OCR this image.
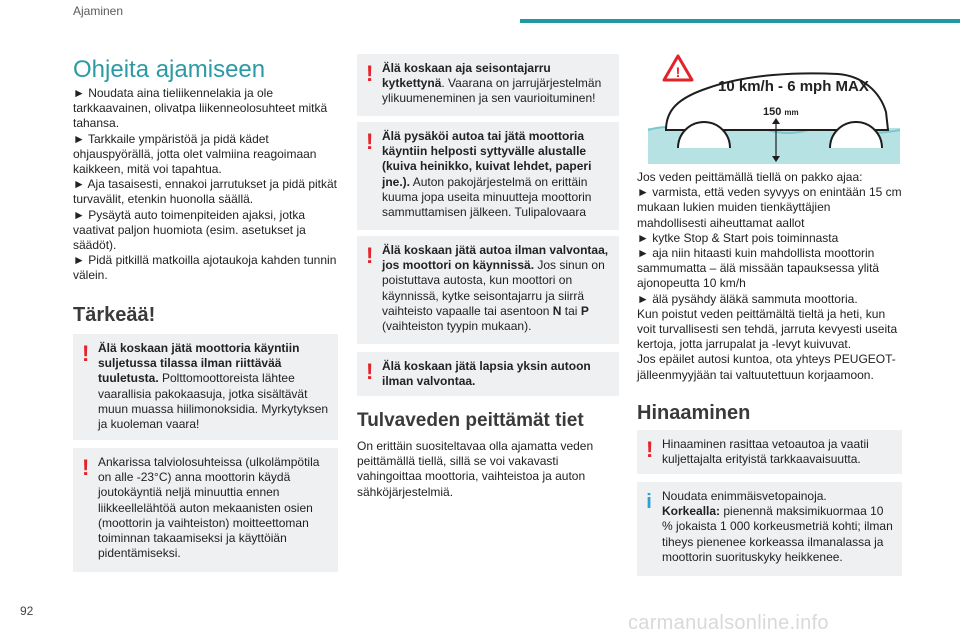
Ajaminen
Ohjeita ajamiseen

► Noudata aina tieliikennelakia ja ole tarkkaavainen, olivatpa liikenneolosuhteet mitkä tahansa.

► Tarkkaile ympäristöä ja pidä kädet ohjauspyörällä, jotta olet valmiina reagoimaan kaikkeen, mitä voi tapahtua.

► Aja tasaisesti, ennakoi jarrutukset ja pidä pitkät turvavälit, etenkin huonolla säällä.

► Pysäytä auto toimenpiteiden ajaksi, jotka vaativat paljon huomiota (esim. asetukset ja säädöt).

► Pidä pitkillä matkoilla ajotaukoja kahden tunnin välein.

Tärkeää!
! Älä koskaan jätä moottoria käyntiin suljetussa tilassa ilman riittävää tuuletusta. Polttomoottoreista lähtee vaarallisia pakokaasuja, jotka sisältävät muun muassa hiilimonoksidia. Myrkytyksen ja kuoleman vaara!
! Ankarissa talviolosuhteissa (ulkolämpötila on alle -23°C) anna moottorin käydä joutokäyntiä neljä minuuttia ennen liikkeellelähtöä auton mekaanisten osien (moottorin ja vaihteiston) moitteettoman toiminnan takaamiseksi ja käyttöiän pidentämiseksi.
! Älä koskaan aja seisontajarru kytkettynä. Vaarana on jarrujärjestelmän ylikuumeneminen ja sen vaurioituminen!
! Älä pysäköi autoa tai jätä moottoria käyntiin helposti syttyvälle alustalle (kuiva heinikko, kuivat lehdet, paperi jne.). Auton pakojärjestelmä on erittäin kuuma jopa useita minuutteja moottorin sammuttamisen jälkeen. Tulipalovaara
! Älä koskaan jätä autoa ilman valvontaa, jos moottori on käynnissä. Jos sinun on poistuttava autosta, kun moottori on käynnissä, kytke seisontajarru ja siirrä vaihteisto vapaalle tai asentoon N tai P (vaihteiston tyypin mukaan).
! Älä koskaan jätä lapsia yksin autoon ilman valvontaa.
Tulvaveden peittämät tiet
On erittäin suositeltavaa olla ajamatta veden peittämällä tiellä, sillä se voi vakavasti vahingoittaa moottoria, vaihteistoa ja auton sähköjärjestelmiä.
!
10 km/h - 6 mph MAX
150 mm

Jos veden peittämällä tiellä on pakko ajaa:

► varmista, että veden syvyys on enintään 15 cm mukaan lukien muiden tienkäyttäjien mahdollisesti aiheuttamat aallot

► kytke Stop & Start pois toiminnasta

► aja niin hitaasti kuin mahdollista moottorin sammumatta – älä missään tapauksessa ylitä ajonopeutta 10 km/h

► älä pysähdy äläkä sammuta moottoria.

Kun poistut veden peittämältä tieltä ja heti, kun voit turvallisesti sen tehdä, jarruta kevyesti useita kertoja, jotta jarrupalat ja -levyt kuivuvat.

Jos epäilet autosi kuntoa, ota yhteys PEUGEOT-jälleenmyyjään tai valtuutettuun korjaamoon.

Hinaaminen
! Hinaaminen rasittaa vetoautoa ja vaatii kuljettajalta erityistä tarkkaavaisuutta.
i Noudata enimmäisvetopainoja.
Korkealla: pienennä maksimikuormaa 10 % jokaista 1 000 korkeusmetriä kohti; ilman tiheys pienenee korkeassa ilmanalassa ja moottorin suorituskyky heikkenee.
92
carmanualsonline.info
